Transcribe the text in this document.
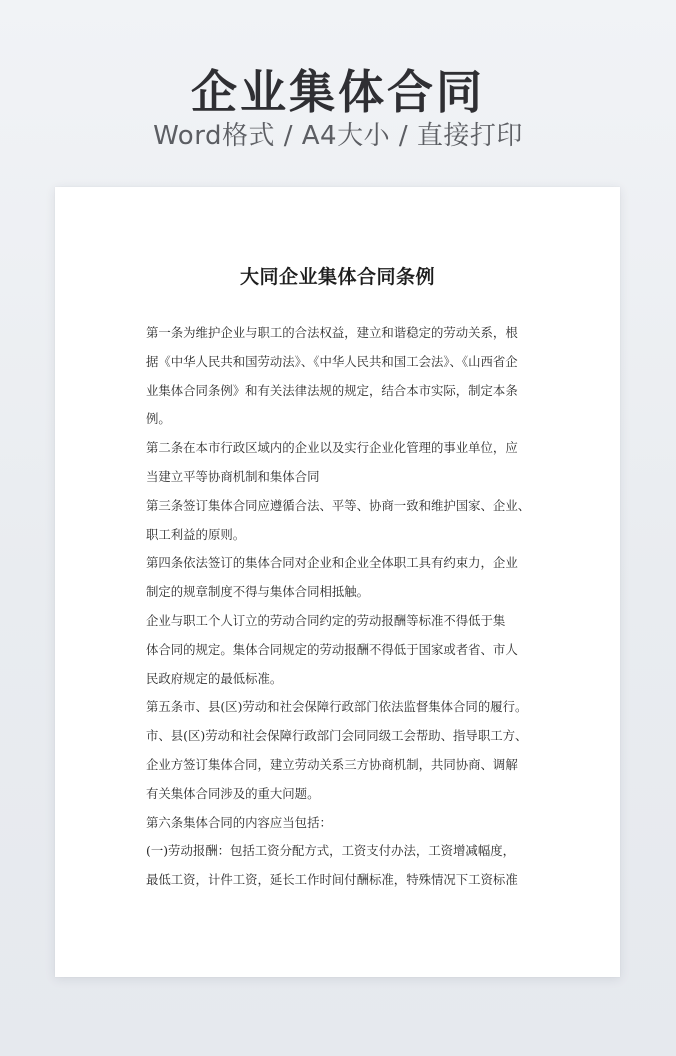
企业集体合同
Word格式 / A4大小 / 直接打印
大同企业集体合同条例
第一条为维护企业与职工的合法权益，建立和谐稳定的劳动关系，根
据《中华人民共和国劳动法》、《中华人民共和国工会法》、《山西省企
业集体合同条例》和有关法律法规的规定，结合本市实际，制定本条
例。
第二条在本市行政区域内的企业以及实行企业化管理的事业单位，应
当建立平等协商机制和集体合同
第三条签订集体合同应遵循合法、平等、协商一致和维护国家、企业、
职工利益的原则。
第四条依法签订的集体合同对企业和企业全体职工具有约束力，企业
制定的规章制度不得与集体合同相抵触。
企业与职工个人订立的劳动合同约定的劳动报酬等标准不得低于集
体合同的规定。集体合同规定的劳动报酬不得低于国家或者省、市人
民政府规定的最低标准。
第五条市、县(区)劳动和社会保障行政部门依法监督集体合同的履行。
市、县(区)劳动和社会保障行政部门会同同级工会帮助、指导职工方、
企业方签订集体合同，建立劳动关系三方协商机制，共同协商、调解
有关集体合同涉及的重大问题。
第六条集体合同的内容应当包括：
(一)劳动报酬：包括工资分配方式，工资支付办法，工资增减幅度，
最低工资，计件工资，延长工作时间付酬标准，特殊情况下工资标准
